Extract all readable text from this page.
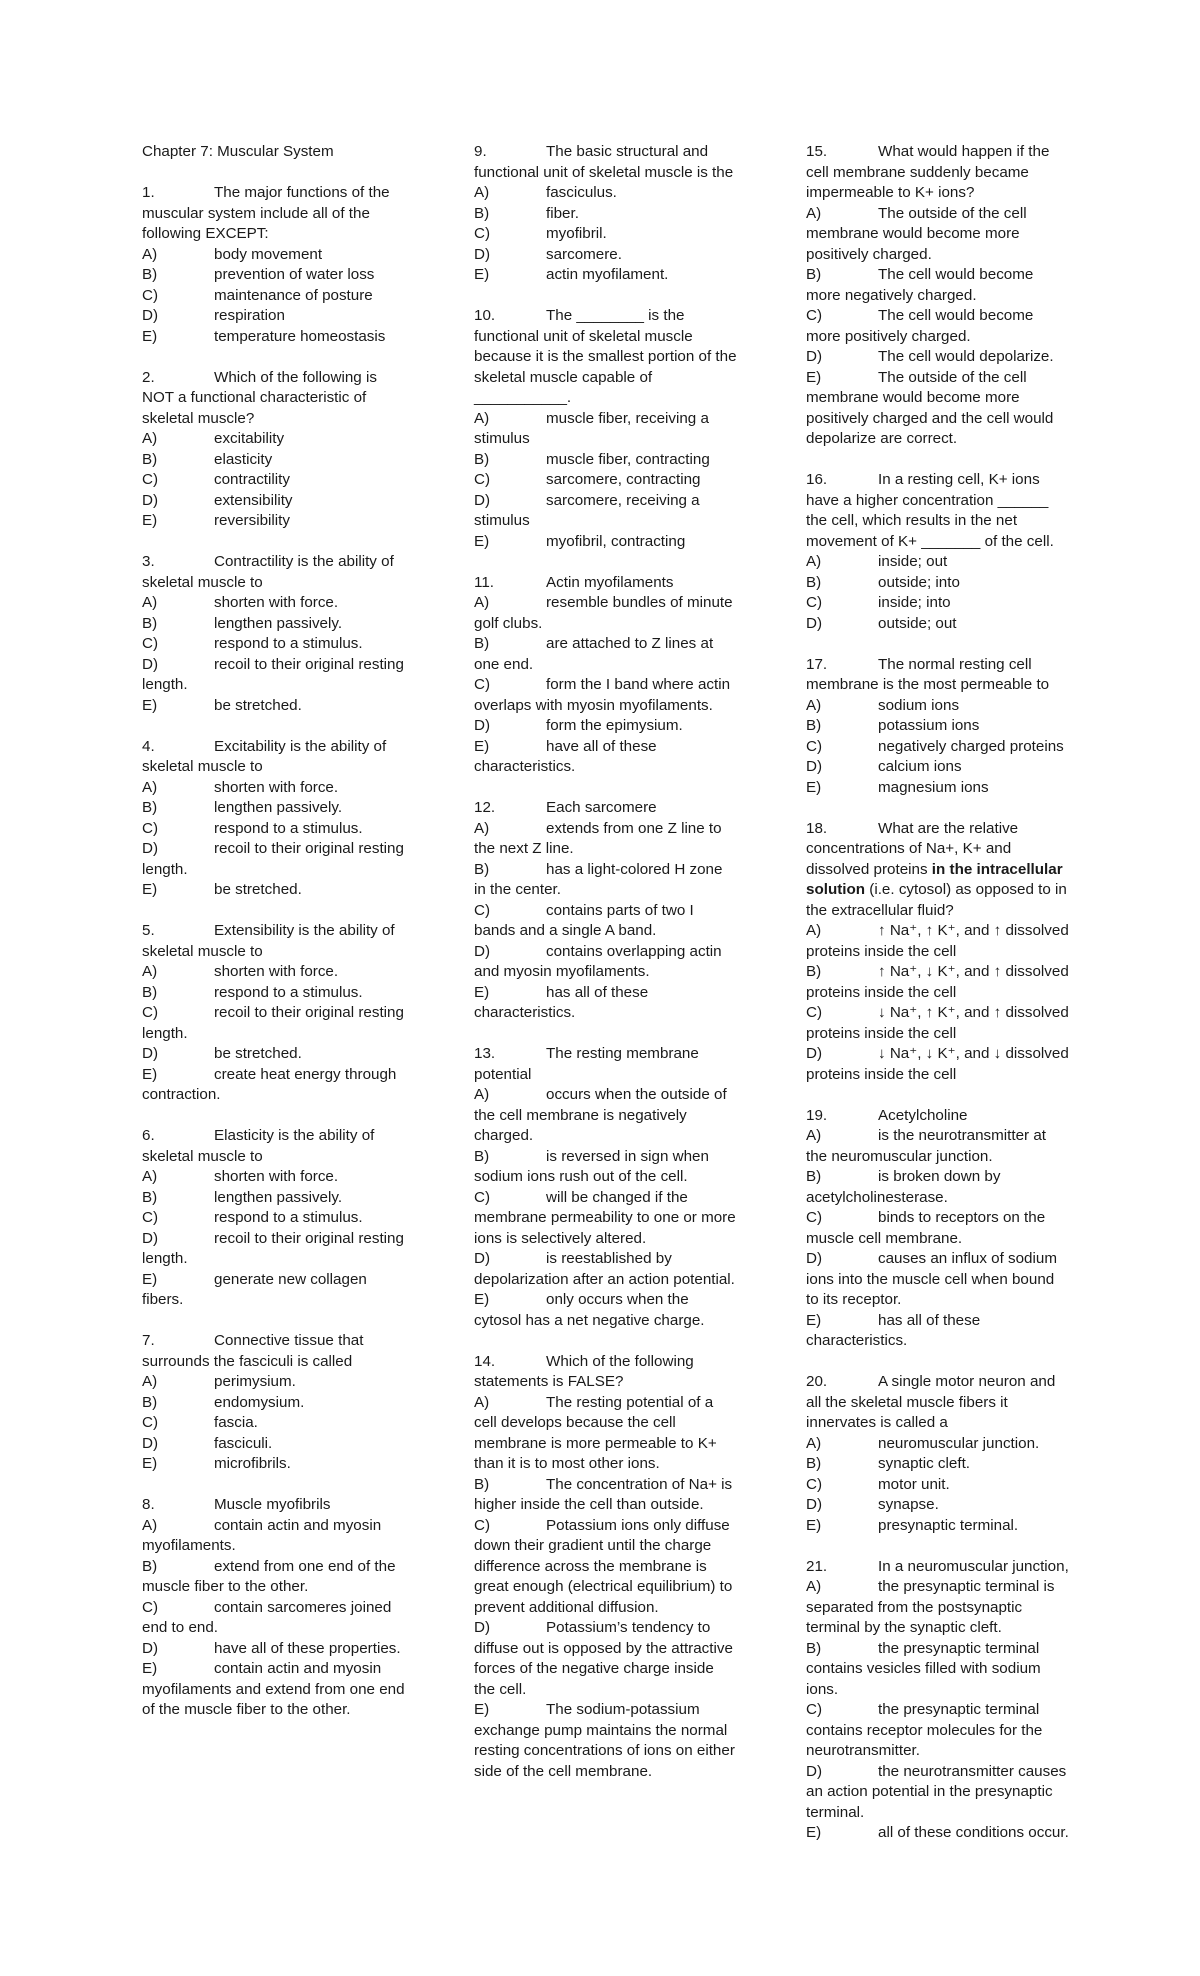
Chapter 7: Muscular System
1.	The major functions of the muscular system include all of the following EXCEPT:
A)	body movement
B)	prevention of water loss
C)	maintenance of posture
D)	respiration
E)	temperature homeostasis
2.	Which of the following is NOT a functional characteristic of skeletal muscle?
A)	excitability
B)	elasticity
C)	contractility
D)	extensibility
E)	reversibility
3.	Contractility is the ability of skeletal muscle to
A)	shorten with force.
B)	lengthen passively.
C)	respond to a stimulus.
D)	recoil to their original resting length.
E)	be stretched.
4.	Excitability is the ability of skeletal muscle to
A)	shorten with force.
B)	lengthen passively.
C)	respond to a stimulus.
D)	recoil to their original resting length.
E)	be stretched.
5.	Extensibility is the ability of skeletal muscle to
A)	shorten with force.
B)	respond to a stimulus.
C)	recoil to their original resting length.
D)	be stretched.
E)	create heat energy through contraction.
6.	Elasticity is the ability of skeletal muscle to
A)	shorten with force.
B)	lengthen passively.
C)	respond to a stimulus.
D)	recoil to their original resting length.
E)	generate new collagen fibers.
7.	Connective tissue that surrounds the fasciculi is called
A)	perimysium.
B)	endomysium.
C)	fascia.
D)	fasciculi.
E)	microfibrils.
8.	Muscle myofibrils
A)	contain actin and myosin myofilaments.
B)	extend from one end of the muscle fiber to the other.
C)	contain sarcomeres joined end to end.
D)	have all of these properties.
E)	contain actin and myosin myofilaments and extend from one end of the muscle fiber to the other.
9.	The basic structural and functional unit of skeletal muscle is the
A)	fasciculus.
B)	fiber.
C)	myofibril.
D)	sarcomere.
E)	actin myofilament.
10.	The ________ is the functional unit of skeletal muscle because it is the smallest portion of the skeletal muscle capable of ___________.
A)	muscle fiber, receiving a stimulus
B)	muscle fiber, contracting
C)	sarcomere, contracting
D)	sarcomere, receiving a stimulus
E)	myofibril, contracting
11.	Actin myofilaments
A)	resemble bundles of minute golf clubs.
B)	are attached to Z lines at one end.
C)	form the I band where actin overlaps with myosin myofilaments.
D)	form the epimysium.
E)	have all of these characteristics.
12.	Each sarcomere
A)	extends from one Z line to the next Z line.
B)	has a light-colored H zone in the center.
C)	contains parts of two I bands and a single A band.
D)	contains overlapping actin and myosin myofilaments.
E)	has all of these characteristics.
13.	The resting membrane potential
A)	occurs when the outside of the cell membrane is negatively charged.
B)	is reversed in sign when sodium ions rush out of the cell.
C)	will be changed if the membrane permeability to one or more ions is selectively altered.
D)	is reestablished by depolarization after an action potential.
E)	only occurs when the cytosol has a net negative charge.
14.	Which of the following statements is FALSE?
A)	The resting potential of a cell develops because the cell membrane is more permeable to K+ than it is to most other ions.
B)	The concentration of Na+ is higher inside the cell than outside.
C)	Potassium ions only diffuse down their gradient until the charge difference across the membrane is great enough (electrical equilibrium) to prevent additional diffusion.
D)	Potassium’s tendency to diffuse out is opposed by the attractive forces of the negative charge inside the cell.
E)	The sodium-potassium exchange pump maintains the normal resting concentrations of ions on either side of the cell membrane.
15.	What would happen if the cell membrane suddenly became impermeable to K+ ions?
A)	The outside of the cell membrane would become more positively charged.
B)	The cell would become more negatively charged.
C)	The cell would become more positively charged.
D)	The cell would depolarize.
E)	The outside of the cell membrane would become more positively charged and the cell would depolarize are correct.
16.	In a resting cell, K+ ions have a higher concentration ______ the cell, which results in the net movement of K+ _______ of the cell.
A)	inside; out
B)	outside; into
C)	inside; into
D)	outside; out
17.	The normal resting cell membrane is the most permeable to
A)	sodium ions
B)	potassium ions
C)	negatively charged proteins
D)	calcium ions
E)	magnesium ions
18.	What are the relative concentrations of Na+, K+ and dissolved proteins in the intracellular solution (i.e. cytosol) as opposed to in the extracellular fluid?
A)	↑ Na⁺, ↑ K⁺, and ↑ dissolved proteins inside the cell
B)	↑ Na⁺, ↓ K⁺, and ↑ dissolved proteins inside the cell
C)	↓ Na⁺, ↑ K⁺, and ↑ dissolved proteins inside the cell
D)	↓ Na⁺, ↓ K⁺, and ↓ dissolved proteins inside the cell
19.	Acetylcholine
A)	is the neurotransmitter at the neuromuscular junction.
B)	is broken down by acetylcholinesterase.
C)	binds to receptors on the muscle cell membrane.
D)	causes an influx of sodium ions into the muscle cell when bound to its receptor.
E)	has all of these characteristics.
20.	A single motor neuron and all the skeletal muscle fibers it innervates is called a
A)	neuromuscular junction.
B)	synaptic cleft.
C)	motor unit.
D)	synapse.
E)	presynaptic terminal.
21.	In a neuromuscular junction,
A)	the presynaptic terminal is separated from the postsynaptic terminal by the synaptic cleft.
B)	the presynaptic terminal contains vesicles filled with sodium ions.
C)	the presynaptic terminal contains receptor molecules for the neurotransmitter.
D)	the neurotransmitter causes an action potential in the presynaptic terminal.
E)	all of these conditions occur.
